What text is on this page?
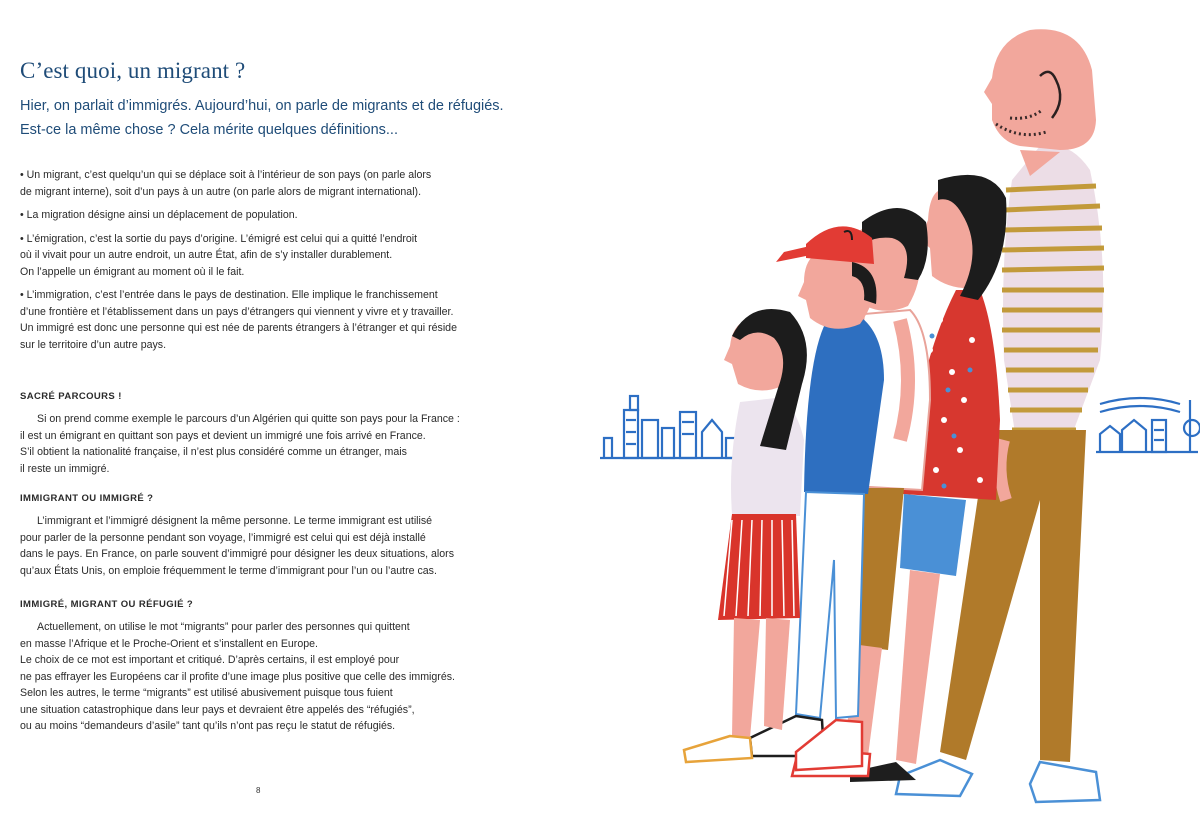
C’est quoi, un migrant ?

Hier, on parlait d’immigrés. Aujourd’hui, on parle de migrants et de réfugiés.
Est-ce la même chose ? Cela mérite quelques définitions...

• Un migrant, c’est quelqu’un qui se déplace soit à l’intérieur de son pays (on parle alors
de migrant interne), soit d’un pays à un autre (on parle alors de migrant international).

• La migration désigne ainsi un déplacement de population.

• L’émigration, c’est la sortie du pays d’origine. L’émigré est celui qui a quitté l’endroit
où il vivait pour un autre endroit, un autre État, afin de s’y installer durablement.
On l’appelle un émigrant au moment où il le fait.

• L’immigration, c’est l’entrée dans le pays de destination. Elle implique le franchissement
d’une frontière et l’établissement dans un pays d’étrangers qui viennent y vivre et y travailler.
Un immigré est donc une personne qui est née de parents étrangers à l’étranger et qui réside
sur le territoire d’un autre pays.

SACRÉ PARCOURS !

Si on prend comme exemple le parcours d’un Algérien qui quitte son pays pour la France :
il est un émigrant en quittant son pays et devient un immigré une fois arrivé en France.
S’il obtient la nationalité française, il n’est plus considéré comme un étranger, mais
il reste un immigré.

IMMIGRANT OU IMMIGRÉ ?

L’immigrant et l’immigré désignent la même personne. Le terme immigrant est utilisé
pour parler de la personne pendant son voyage, l’immigré est celui qui est déjà installé
dans le pays. En France, on parle souvent d’immigré pour désigner les deux situations, alors
qu’aux États Unis, on emploie fréquemment le terme d’immigrant pour l’un ou l’autre cas.

IMMIGRÉ, MIGRANT OU RÉFUGIÉ ?

Actuellement, on utilise le mot “migrants” pour parler des personnes qui quittent
en masse l’Afrique et le Proche-Orient et s’installent en Europe.
Le choix de ce mot est important et critiqué. D’après certains, il est employé pour
ne pas effrayer les Européens car il profite d’une image plus positive que celle des immigrés.
Selon les autres, le terme “migrants” est utilisé abusivement puisque tous fuient
une situation catastrophique dans leur pays et devraient être appelés des “réfugiés”,
ou au moins “demandeurs d’asile” tant qu’ils n’ont pas reçu le statut de réfugiés.

8
